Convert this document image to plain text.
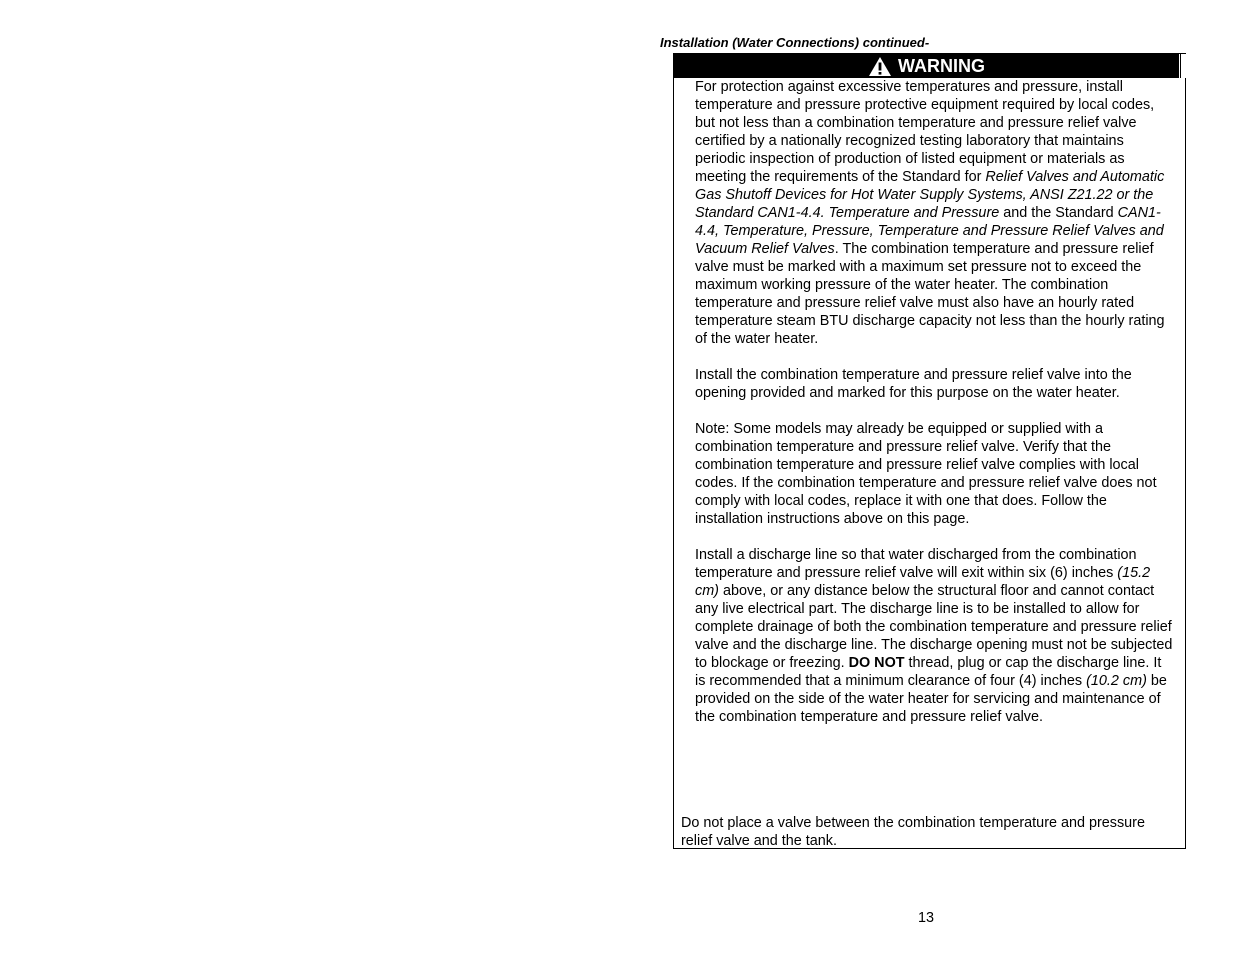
Installation (Water Connections) continued-
WARNING

For protection against excessive temperatures and pressure, install temperature and pressure protective equipment required by local codes, but not less than a combination temperature and pressure relief valve certified by a nationally recognized testing laboratory that maintains periodic inspection of production of listed equipment or materials as meeting the requirements of the Standard for Relief Valves and Automatic Gas Shutoff Devices for Hot Water Supply Systems, ANSI Z21.22 or the Standard CAN1-4.4. Temperature and Pressure and the Standard CAN1-4.4, Temperature, Pressure, Temperature and Pressure Relief Valves and Vacuum Relief Valves. The combination temperature and pressure relief valve must be marked with a maximum set pressure not to exceed the maximum working pressure of the water heater. The combination temperature and pressure relief valve must also have an hourly rated temperature steam BTU discharge capacity not less than the hourly rating of the water heater.

Install the combination temperature and pressure relief valve into the opening provided and marked for this purpose on the water heater.

Note: Some models may already be equipped or supplied with a combination temperature and pressure relief valve. Verify that the combination temperature and pressure relief valve complies with local codes. If the combination temperature and pressure relief valve does not comply with local codes, replace it with one that does. Follow the installation instructions above on this page.

Install a discharge line so that water discharged from the combination temperature and pressure relief valve will exit within six (6) inches (15.2 cm) above, or any distance below the structural floor and cannot contact any live electrical part. The discharge line is to be installed to allow for complete drainage of both the combination temperature and pressure relief valve and the discharge line. The discharge opening must not be subjected to blockage or freezing. DO NOT thread, plug or cap the discharge line. It is recommended that a minimum clearance of four (4) inches (10.2 cm) be provided on the side of the water heater for servicing and maintenance of the combination temperature and pressure relief valve.

Do not place a valve between the combination temperature and pressure relief valve and the tank.

13
